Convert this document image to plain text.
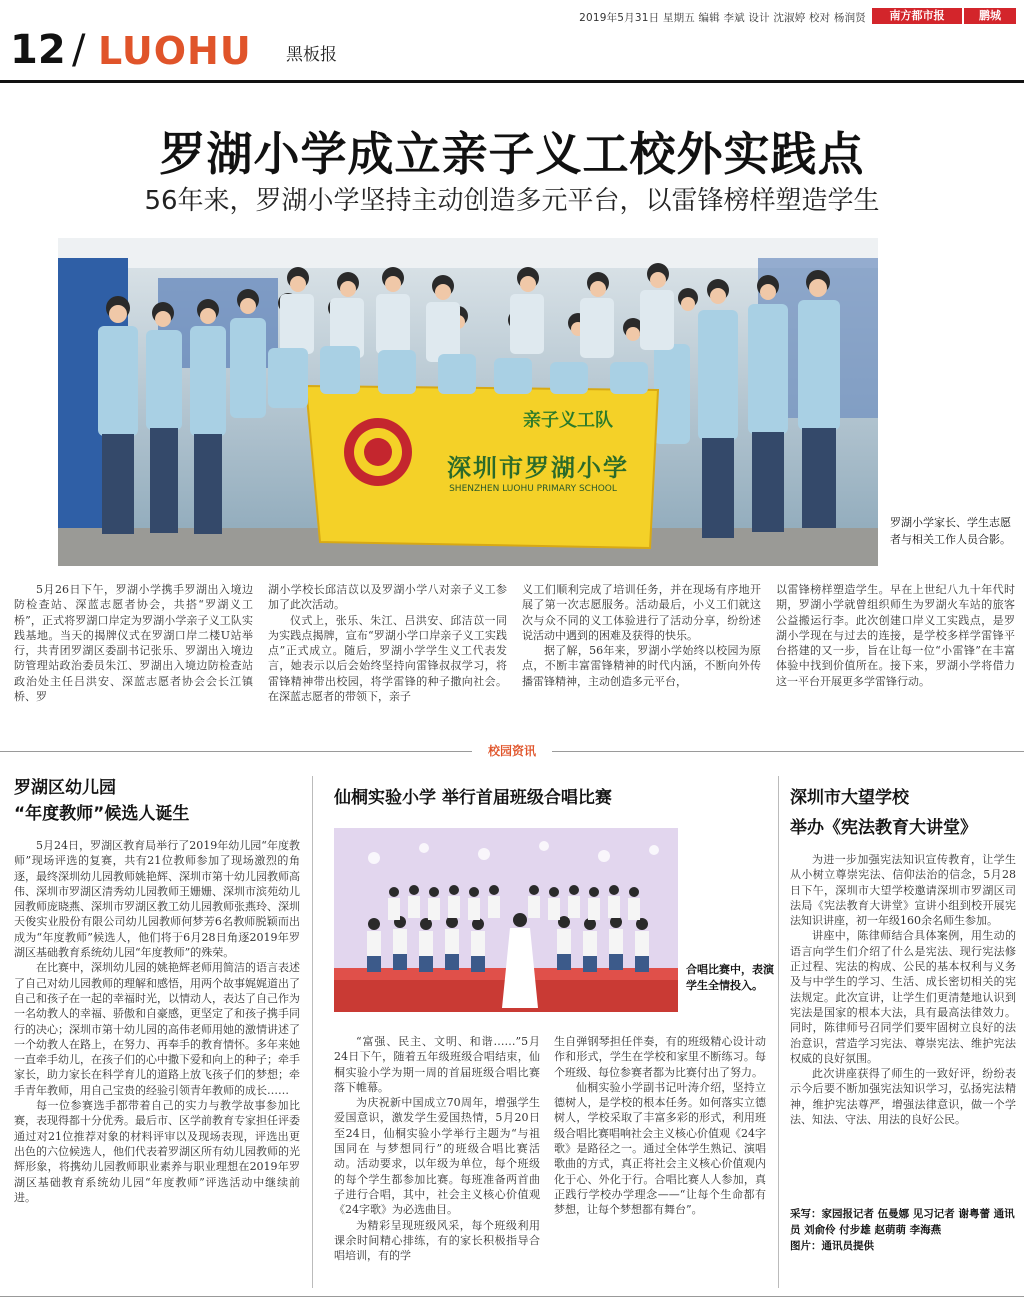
2019年5月31日 星期五 编辑 李斌 设计 沈淑婷 校对 杨润贤	南方都市报	鹏城
12 / LUOHU 黑板报
罗湖小学成立亲子义工校外实践点
56年来，罗湖小学坚持主动创造多元平台，以雷锋榜样塑造学生
亲子义工队
深圳市罗湖小学
SHENZHEN LUOHU PRIMARY SCHOOL
罗湖小学家长、学生志愿者与相关工作人员合影。

5月26日下午，罗湖小学携手罗湖出入境边防检查站、深蓝志愿者协会，共搭“罗湖义工桥”，正式将罗湖口岸定为罗湖小学亲子义工队实践基地。当天的揭牌仪式在罗湖口岸二楼U站举行，共青团罗湖区委副书记张乐、罗湖出入境边防管理站政治委员朱江、罗湖出入境边防检查站政治处主任吕洪安、深蓝志愿者协会会长江镇桥、罗

湖小学校长邱洁苡以及罗湖小学八对亲子义工参加了此次活动。

仪式上，张乐、朱江、吕洪安、邱洁苡一同为实践点揭牌，宣布“罗湖小学口岸亲子义工实践点”正式成立。随后，罗湖小学学生义工代表发言，她表示以后会始终坚持向雷锋叔叔学习，将雷锋精神带出校园，将学雷锋的种子撒向社会。在深蓝志愿者的带领下，亲子

义工们顺利完成了培训任务，并在现场有序地开展了第一次志愿服务。活动最后，小义工们就这次与众不同的义工体验进行了活动分享，纷纷述说活动中遇到的困难及获得的快乐。

据了解，56年来，罗湖小学始终以校园为原点，不断丰富雷锋精神的时代内涵，不断向外传播雷锋精神，主动创造多元平台，

以雷锋榜样塑造学生。早在上世纪八九十年代时期，罗湖小学就曾组织师生为罗湖火车站的旅客公益搬运行李。此次创建口岸义工实践点，是罗湖小学现在与过去的连接，是学校多样学雷锋平台搭建的又一步，旨在让每一位“小雷锋”在丰富体验中找到价值所在。接下来，罗湖小学将借力这一平台开展更多学雷锋行动。

校园资讯
罗湖区幼儿园
“年度教师”候选人诞生

5月24日，罗湖区教育局举行了2019年幼儿园“年度教师”现场评选的复赛，共有21位教师参加了现场激烈的角逐，最终深圳幼儿园教师姚艳辉、深圳市第十幼儿园教师高伟、深圳市罗湖区清秀幼儿园教师王姗姗、深圳市滨苑幼儿园教师庞晓燕、深圳市罗湖区教工幼儿园教师张燕玲、深圳天俊实业股份有限公司幼儿园教师何梦芳6名教师脱颖而出成为“年度教师”候选人，他们将于6月28日角逐2019年罗湖区基础教育系统幼儿园“年度教师”的殊荣。

在比赛中，深圳幼儿园的姚艳辉老师用简洁的语言表述了自己对幼儿园教师的理解和感悟，用两个故事娓娓道出了自己和孩子在一起的幸福时光，以情动人，表达了自己作为一名幼教人的幸福、骄傲和自豪感，更坚定了和孩子携手同行的决心；深圳市第十幼儿园的高伟老师用她的激情讲述了一个幼教人在路上，在努力、再奉手的教育情怀。多年来她一直牵手幼儿，在孩子们的心中撒下爱和向上的种子；牵手家长，助力家长在科学育儿的道路上放飞孩子们的梦想；牵手青年教师，用自己宝贵的经验引领青年教师的成长……

每一位参赛选手都带着自己的实力与教学故事参加比赛，表现得都十分优秀。最后市、区学前教育专家担任评委通过对21位推荐对象的材料评审以及现场表现，评选出更出色的六位候选人，他们代表着罗湖区所有幼儿园教师的光辉形象，将携幼儿园教师职业素养与职业理想在2019年罗湖区基础教育系统幼儿园“年度教师”评选活动中继续前进。

仙桐实验小学 举行首届班级合唱比赛
合唱比赛中，表演学生全情投入。

“富强、民主、文明、和谐……”5月24日下午，随着五年级班级合唱结束，仙桐实验小学为期一周的首届班级合唱比赛落下帷幕。

为庆祝新中国成立70周年，增强学生爱国意识，激发学生爱国热情，5月20日至24日，仙桐实验小学举行主题为“与祖国同在 与梦想同行”的班级合唱比赛活动。活动要求，以年级为单位，每个班级的每个学生都参加比赛。每班准备两首曲子进行合唱，其中，社会主义核心价值观《24字歌》为必选曲目。

为精彩呈现班级风采，每个班级利用课余时间精心排练，有的家长积极指导合唱培训，有的学

生自弹钢琴担任伴奏，有的班级精心设计动作和形式，学生在学校和家里不断练习。每个班级、每位参赛者都为比赛付出了努力。

仙桐实验小学副书记叶涛介绍，坚持立德树人，是学校的根本任务。如何落实立德树人，学校采取了丰富多彩的形式，利用班级合唱比赛唱响社会主义核心价值观《24字歌》是路径之一。通过全体学生熟记、演唱歌曲的方式，真正将社会主义核心价值观内化于心、外化于行。合唱比赛人人参加，真正践行学校办学理念——“让每个生命都有梦想，让每个梦想都有舞台”。

深圳市大望学校
举办《宪法教育大讲堂》

为进一步加强宪法知识宣传教育，让学生从小树立尊崇宪法、信仰法治的信念，5月28日下午，深圳市大望学校邀请深圳市罗湖区司法局《宪法教育大讲堂》宣讲小组到校开展宪法知识讲座，初一年级160余名师生参加。

讲座中，陈律师结合具体案例，用生动的语言向学生们介绍了什么是宪法、现行宪法修正过程、宪法的构成、公民的基本权利与义务及与中学生的学习、生活、成长密切相关的宪法规定。此次宣讲，让学生们更清楚地认识到宪法是国家的根本大法，具有最高法律效力。同时，陈律师号召同学们要牢固树立良好的法治意识，营造学习宪法、尊崇宪法、维护宪法权威的良好氛围。

此次讲座获得了师生的一致好评，纷纷表示今后要不断加强宪法知识学习，弘扬宪法精神，维护宪法尊严，增强法律意识，做一个学法、知法、守法、用法的良好公民。

采写：家园报记者 伍曼娜 见习记者 谢粤蕾 通讯员 刘俞伶 付步雄 赵萌萌 李海燕
图片：通讯员提供
